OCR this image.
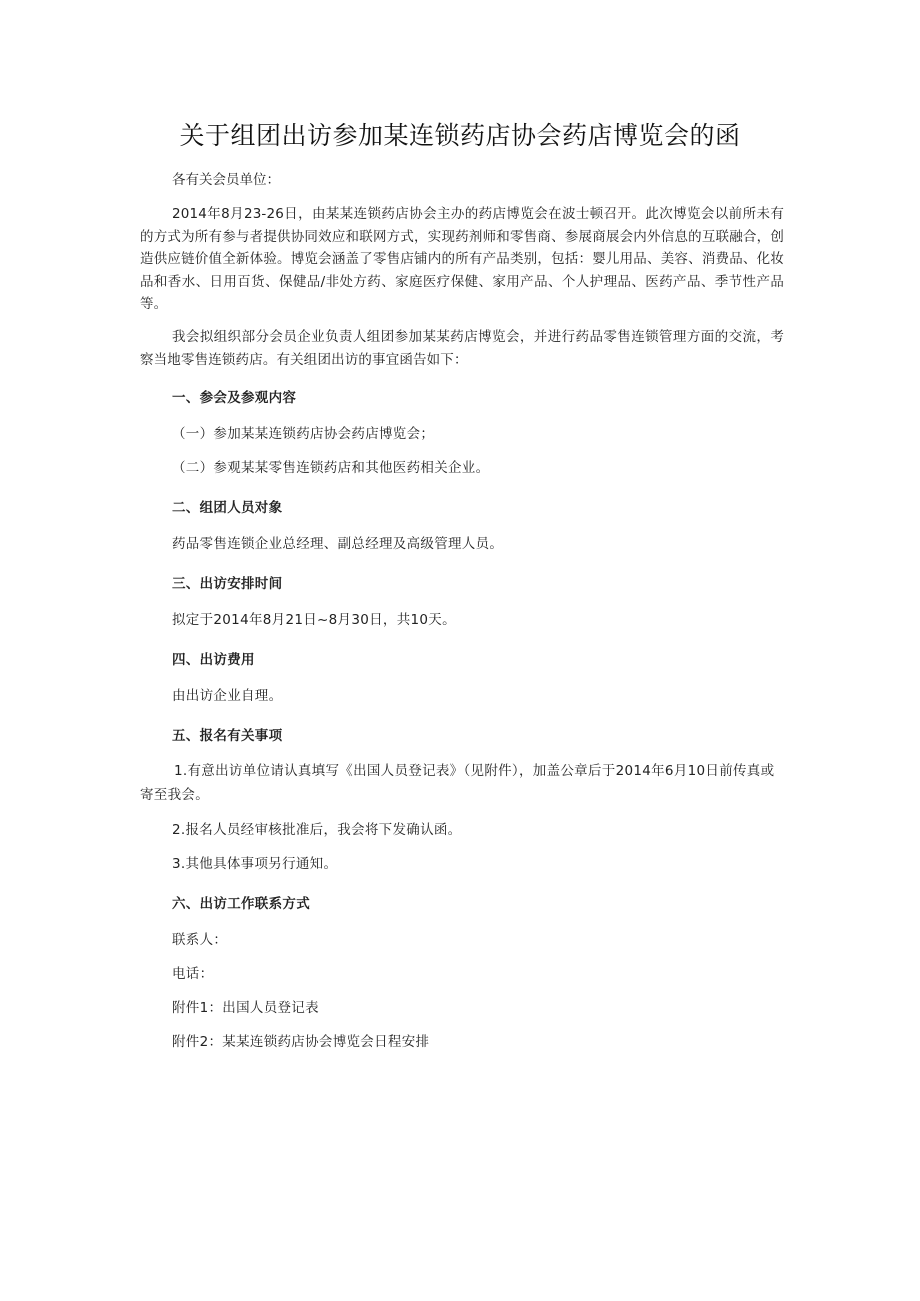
关于组团出访参加某连锁药店协会药店博览会的函

各有关会员单位：

2014年8月23-26日，由某某连锁药店协会主办的药店博览会在波士顿召开。此次博览会以前所未有的方式为所有参与者提供协同效应和联网方式，实现药剂师和零售商、参展商展会内外信息的互联融合，创造供应链价值全新体验。博览会涵盖了零售店铺内的所有产品类别，包括：婴儿用品、美容、消费品、化妆品和香水、日用百货、保健品/非处方药、家庭医疗保健、家用产品、个人护理品、医药产品、季节性产品等。

我会拟组织部分会员企业负责人组团参加某某药店博览会，并进行药品零售连锁管理方面的交流，考察当地零售连锁药店。有关组团出访的事宜函告如下：

一、参会及参观内容

（一）参加某某连锁药店协会药店博览会；

（二）参观某某零售连锁药店和其他医药相关企业。

二、组团人员对象

药品零售连锁企业总经理、副总经理及高级管理人员。

三、出访安排时间

拟定于2014年8月21日~8月30日，共10天。

四、出访费用

由出访企业自理。

五、报名有关事项

1.有意出访单位请认真填写《出国人员登记表》（见附件），加盖公章后于2014年6月10日前传真或寄至我会。

2.报名人员经审核批准后，我会将下发确认函。

3.其他具体事项另行通知。

六、出访工作联系方式

联系人：

电话：

附件1：出国人员登记表

附件2：某某连锁药店协会博览会日程安排
